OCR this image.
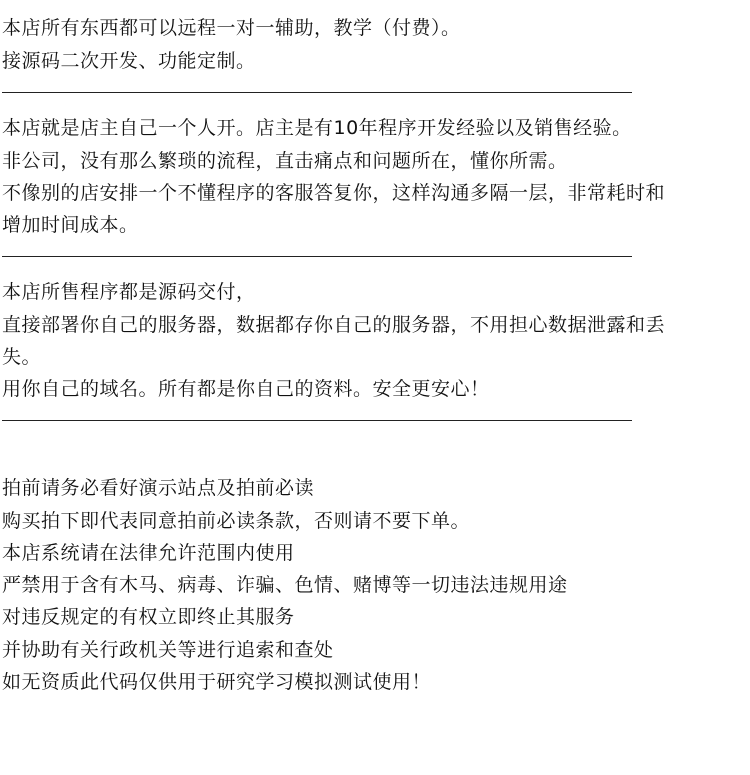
本店所有东西都可以远程一对一辅助，教学（付费）。
接源码二次开发、功能定制。
本店就是店主自己一个人开。店主是有10年程序开发经验以及销售经验。
非公司，没有那么繁琐的流程，直击痛点和问题所在，懂你所需。
不像别的店安排一个不懂程序的客服答复你，这样沟通多隔一层，非常耗时和
增加时间成本。
本店所售程序都是源码交付，
直接部署你自己的服务器，数据都存你自己的服务器，不用担心数据泄露和丢
失。
用你自己的域名。所有都是你自己的资料。安全更安心！
拍前请务必看好演示站点及拍前必读
购买拍下即代表同意拍前必读条款，否则请不要下单。
本店系统请在法律允许范围内使用
严禁用于含有木马、病毒、诈骗、色情、赌博等一切违法违规用途
对违反规定的有权立即终止其服务
并协助有关行政机关等进行追索和查处
如无资质此代码仅供用于研究学习模拟测试使用！
